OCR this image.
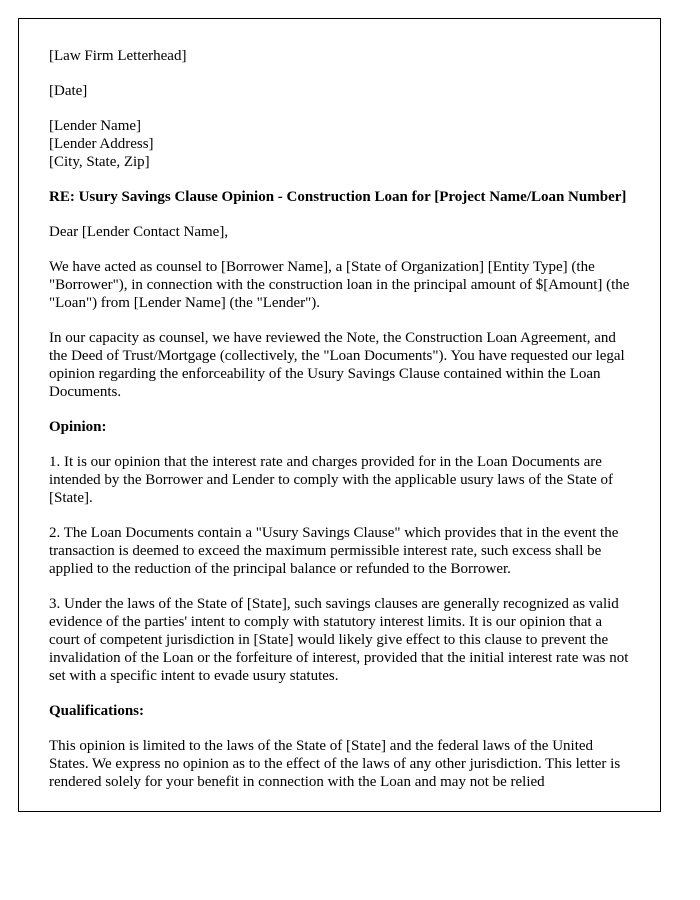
[Law Firm Letterhead]

[Date]

[Lender Name]
[Lender Address]
[City, State, Zip]

RE: Usury Savings Clause Opinion - Construction Loan for [Project Name/Loan Number]

Dear [Lender Contact Name],

We have acted as counsel to [Borrower Name], a [State of Organization] [Entity Type] (the "Borrower"), in connection with the construction loan in the principal amount of $[Amount] (the "Loan") from [Lender Name] (the "Lender").

In our capacity as counsel, we have reviewed the Note, the Construction Loan Agreement, and the Deed of Trust/Mortgage (collectively, the "Loan Documents"). You have requested our legal opinion regarding the enforceability of the Usury Savings Clause contained within the Loan Documents.

Opinion:

1. It is our opinion that the interest rate and charges provided for in the Loan Documents are intended by the Borrower and Lender to comply with the applicable usury laws of the State of [State].

2. The Loan Documents contain a "Usury Savings Clause" which provides that in the event the transaction is deemed to exceed the maximum permissible interest rate, such excess shall be applied to the reduction of the principal balance or refunded to the Borrower.

3. Under the laws of the State of [State], such savings clauses are generally recognized as valid evidence of the parties' intent to comply with statutory interest limits. It is our opinion that a court of competent jurisdiction in [State] would likely give effect to this clause to prevent the invalidation of the Loan or the forfeiture of interest, provided that the initial interest rate was not set with a specific intent to evade usury statutes.

Qualifications:

This opinion is limited to the laws of the State of [State] and the federal laws of the United States. We express no opinion as to the effect of the laws of any other jurisdiction. This letter is rendered solely for your benefit in connection with the Loan and may not be relied
